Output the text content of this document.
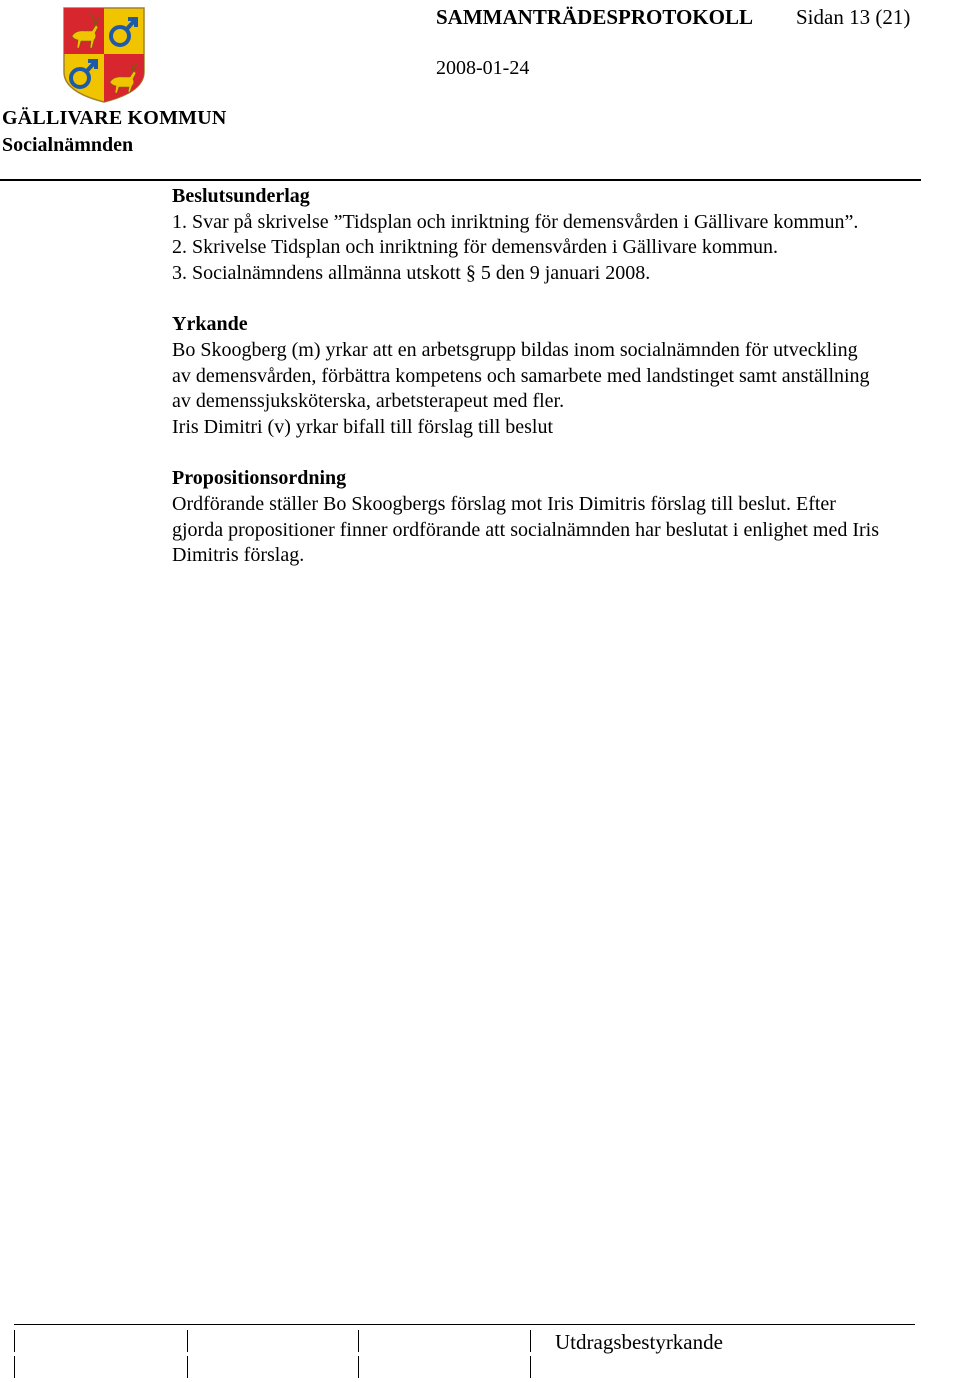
GÄLLIVARE KOMMUN
Socialnämnden
SAMMANTRÄDESPROTOKOLL Sidan 13 (21)
2008-01-24

Beslutsunderlag

1. Svar på skrivelse ”Tidsplan och inriktning för demensvården i Gällivare kommun”.

2. Skrivelse Tidsplan och inriktning för demensvården i Gällivare kommun.

3. Socialnämndens allmänna utskott § 5 den 9 januari 2008.

Yrkande

Bo Skoogberg (m) yrkar att en arbetsgrupp bildas inom socialnämnden för utveckling

av demensvården, förbättra kompetens och samarbete med landstinget samt anställning

av demenssjuksköterska, arbetsterapeut med fler.

Iris Dimitri (v) yrkar bifall till förslag till beslut

Propositionsordning

Ordförande ställer Bo Skoogbergs förslag mot Iris Dimitris förslag till beslut. Efter

gjorda propositioner finner ordförande att socialnämnden har beslutat i enlighet med Iris

Dimitris förslag.

Utdragsbestyrkande
